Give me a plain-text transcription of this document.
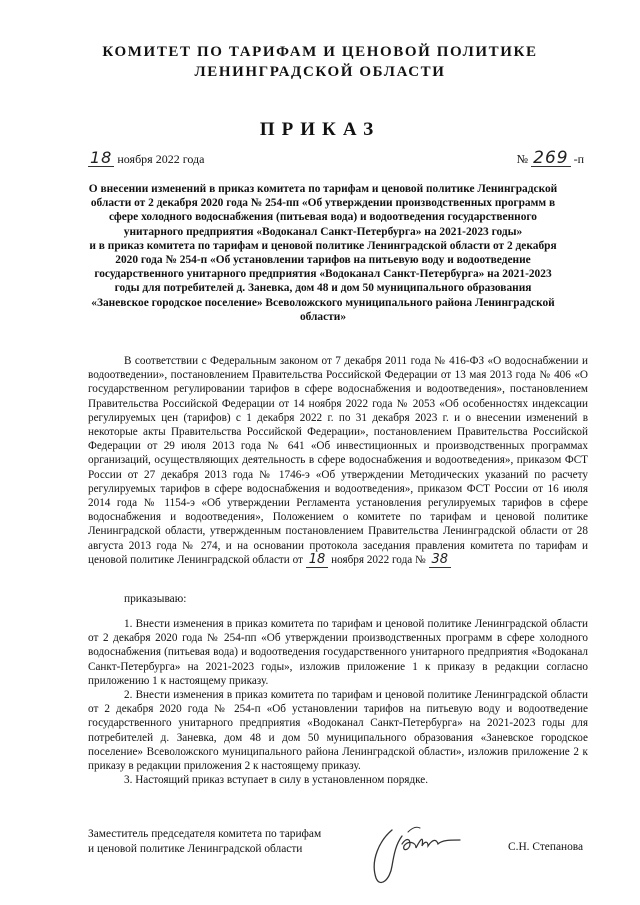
КОМИТЕТ ПО ТАРИФАМ И ЦЕНОВОЙ ПОЛИТИКЕ
ЛЕНИНГРАДСКОЙ ОБЛАСТИ
ПРИКАЗ
18 ноября 2022 года	№ 269 -п

О внесении изменений в приказ комитета по тарифам и ценовой политике Ленинградской области от 2 декабря 2020 года № 254-пп «Об утверждении производственных программ в сфере холодного водоснабжения (питьевая вода) и водоотведения государственного унитарного предприятия «Водоканал Санкт-Петербурга» на 2021-2023 годы»

и в приказ комитета по тарифам и ценовой политике Ленинградской области от 2 декабря 2020 года № 254-п «Об установлении тарифов на питьевую воду и водоотведение государственного унитарного предприятия «Водоканал Санкт-Петербурга» на 2021-2023 годы для потребителей д. Заневка, дом 48 и дом 50 муниципального образования «Заневское городское поселение» Всеволожского муниципального района Ленинградской области»

В соответствии с Федеральным законом от 7 декабря 2011 года № 416-ФЗ «О водоснабжении и водоотведении», постановлением Правительства Российской Федерации от 13 мая 2013 года № 406 «О государственном регулировании тарифов в сфере водоснабжения и водоотведения», постановлением Правительства Российской Федерации от 14 ноября 2022 года № 2053 «Об особенностях индексации регулируемых цен (тарифов) с 1 декабря 2022 г. по 31 декабря 2023 г. и о внесении изменений в некоторые акты Правительства Российской Федерации», постановлением Правительства Российской Федерации от 29 июля 2013 года № 641 «Об инвестиционных и производственных программах организаций, осуществляющих деятельность в сфере водоснабжения и водоотведения», приказом ФСТ России от 27 декабря 2013 года № 1746-э «Об утверждении Методических указаний по расчету регулируемых тарифов в сфере водоснабжения и водоотведения», приказом ФСТ России от 16 июля 2014 года № 1154-э «Об утверждении Регламента установления регулируемых тарифов в сфере водоснабжения и водоотведения», Положением о комитете по тарифам и ценовой политике Ленинградской области, утвержденным постановлением Правительства Ленинградской области от 28 августа 2013 года № 274, и на основании протокола заседания правления комитета по тарифам и ценовой политике Ленинградской области от 18 ноября 2022 года № 38

приказываю:

1. Внести изменения в приказ комитета по тарифам и ценовой политике Ленинградской области от 2 декабря 2020 года № 254-пп «Об утверждении производственных программ в сфере холодного водоснабжения (питьевая вода) и водоотведения государственного унитарного предприятия «Водоканал Санкт-Петербурга» на 2021-2023 годы», изложив приложение 1 к приказу в редакции согласно приложению 1 к настоящему приказу.

2. Внести изменения в приказ комитета по тарифам и ценовой политике Ленинградской области от 2 декабря 2020 года № 254-п «Об установлении тарифов на питьевую воду и водоотведение государственного унитарного предприятия «Водоканал Санкт-Петербурга» на 2021-2023 годы для потребителей д. Заневка, дом 48 и дом 50 муниципального образования «Заневское городское поселение» Всеволожского муниципального района Ленинградской области», изложив приложение 2 к приказу в редакции приложения 2 к настоящему приказу.

3. Настоящий приказ вступает в силу в установленном порядке.

Заместитель председателя комитета по тарифам
и ценовой политике Ленинградской области	С.Н. Степанова
